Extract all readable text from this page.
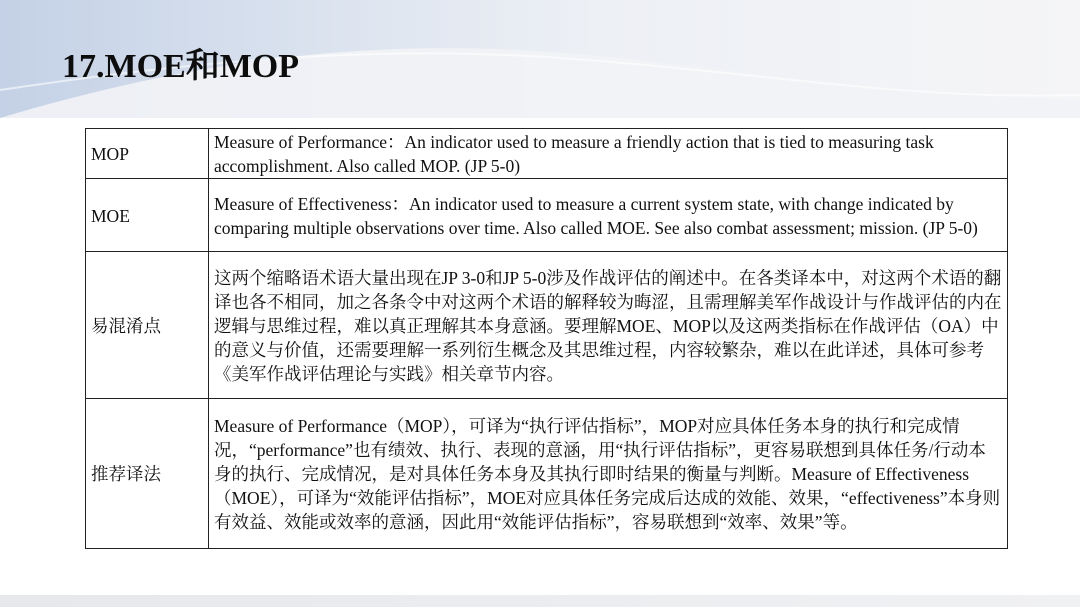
17.MOE和MOP
MOP	Measure of Performance：An indicator used to measure a friendly action that is tied to measuring task accomplishment. Also called MOP. (JP 5-0)
MOE	Measure of Effectiveness：An indicator used to measure a current system state, with change indicated by comparing multiple observations over time. Also called MOE. See also combat assessment; mission. (JP 5-0)
易混淆点	这两个缩略语术语大量出现在JP 3-0和JP 5-0涉及作战评估的阐述中。在各类译本中，对这两个术语的翻译也各不相同，加之各条令中对这两个术语的解释较为晦涩，且需理解美军作战设计与作战评估的内在逻辑与思维过程，难以真正理解其本身意涵。要理解MOE、MOP以及这两类指标在作战评估（OA）中的意义与价值，还需要理解一系列衍生概念及其思维过程，内容较繁杂，难以在此详述，具体可参考《美军作战评估理论与实践》相关章节内容。
推荐译法	Measure of Performance（MOP），可译为“执行评估指标”，MOP对应具体任务本身的执行和完成情况，“performance”也有绩效、执行、表现的意涵，用“执行评估指标”，更容易联想到具体任务/行动本身的执行、完成情况，是对具体任务本身及其执行即时结果的衡量与判断。Measure of Effectiveness（MOE），可译为“效能评估指标”，MOE对应具体任务完成后达成的效能、效果，“effectiveness”本身则有效益、效能或效率的意涵，因此用“效能评估指标”，容易联想到“效率、效果”等。
